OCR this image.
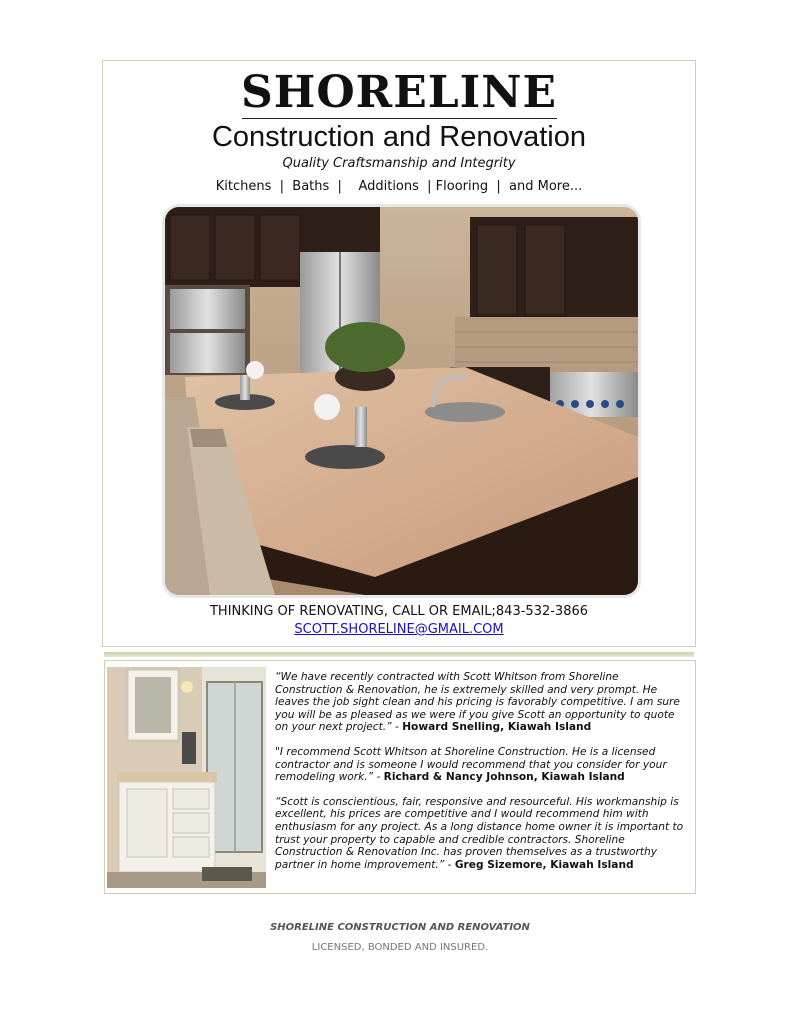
SHORELINE
Construction and Renovation
Quality Craftsmanship and Integrity
Kitchens  |  Baths  |    Additions  | Flooring  |  and More...
THINKING OF RENOVATING, CALL OR EMAIL;843-532-3866
SCOTT.SHORELINE@GMAIL.COM

“We have recently contracted with Scott Whitson from Shoreline Construction & Renovation, he is extremely skilled and very prompt. He leaves the job sight clean and his pricing is favorably competitive. I am sure you will be as pleased as we were if you give Scott an opportunity to quote on your next project.” - Howard Snelling, Kiawah Island

"I recommend Scott Whitson at Shoreline Construction. He is a licensed contractor and is someone I would recommend that you consider for your remodeling work.” - Richard & Nancy Johnson, Kiawah Island

“Scott is conscientious, fair, responsive and resourceful. His workmanship is excellent, his prices are competitive and I would recommend him with enthusiasm for any project. As a long distance home owner it is important to trust your property to capable and credible contractors. Shoreline Construction & Renovation Inc. has proven themselves as a trustworthy partner in home improvement.” - Greg Sizemore, Kiawah Island

SHORELINE CONSTRUCTION AND RENOVATION
LICENSED, BONDED AND INSURED.
